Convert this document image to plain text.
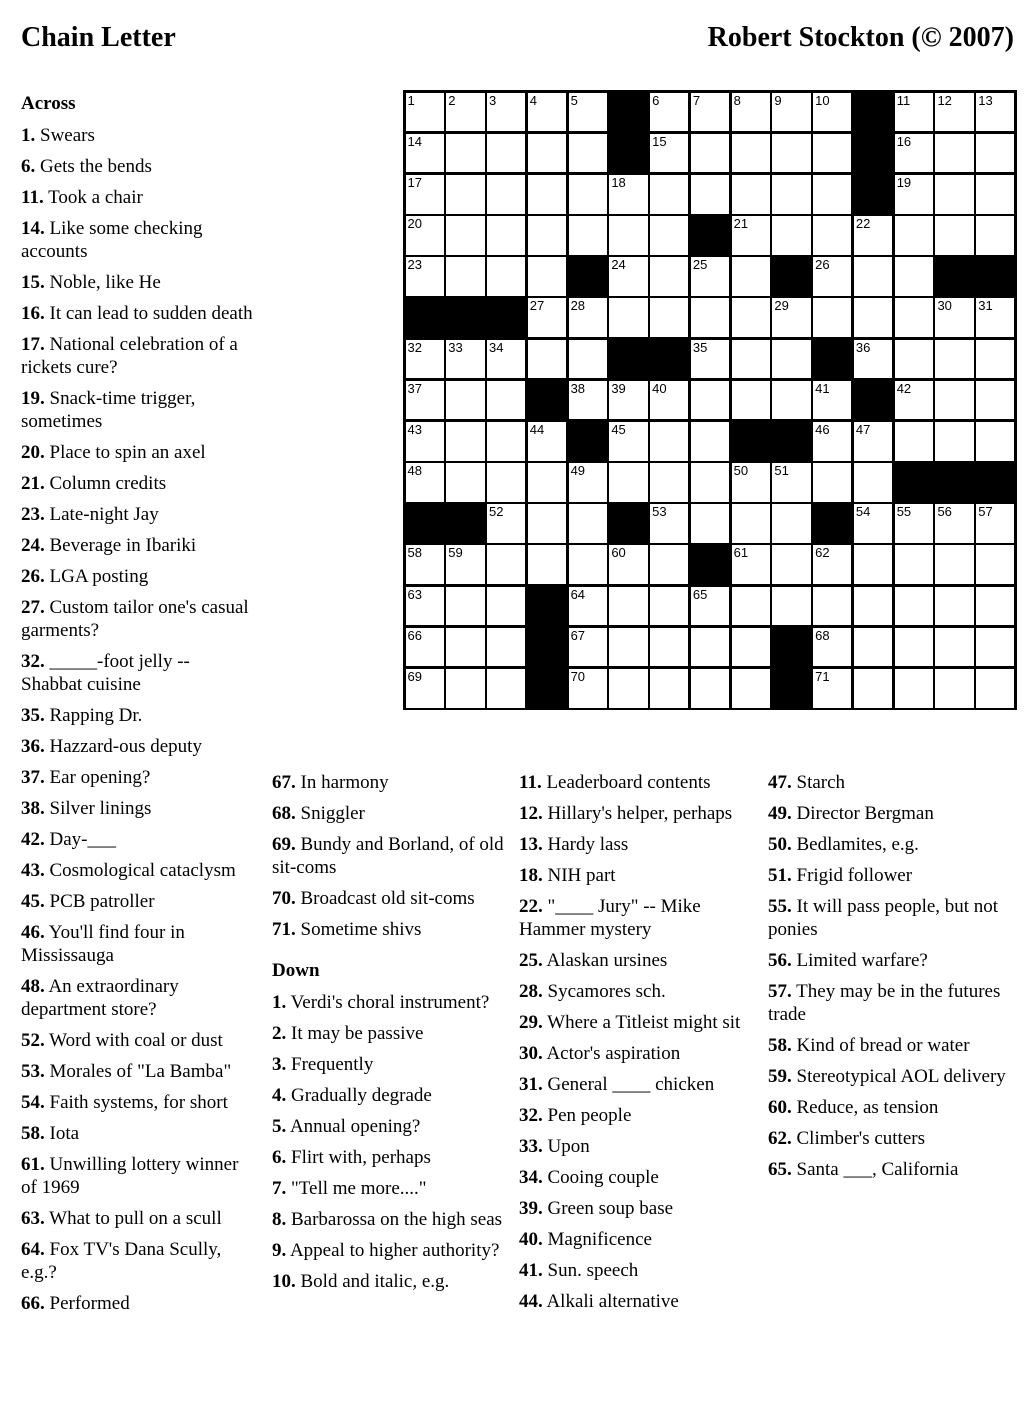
Chain Letter	Robert Stockton (© 2007)
1	2	3	4	5	6	7	8	9	10	11 12 13
14	15	16
17	18	19
20	21	22
23	24	25	26
27 28	29	30 31
32 33 34	35	36
37	38 39 40	41	42
43	44	45	46 47
48	49	50 51
52	53	54 55 56 57
58 59	60	61	62
63	64	65
66	67	68
69	70	71
Across
1. Swears
6. Gets the bends
11. Took a chair
14. Like some checking accounts
15. Noble, like He
16. It can lead to sudden death
17. National celebration of a rickets cure?
19. Snack-time trigger, sometimes
20. Place to spin an axel
21. Column credits
23. Late-night Jay
24. Beverage in Ibariki
26. LGA posting
27. Custom tailor one's casual garments?
32. _____-foot jelly -- Shabbat cuisine
35. Rapping Dr.
36. Hazzard-ous deputy
37. Ear opening?
38. Silver linings
42. Day-___
43. Cosmological cataclysm
45. PCB patroller
46. You'll find four in Mississauga
48. An extraordinary department store?
52. Word with coal or dust
53. Morales of "La Bamba"
54. Faith systems, for short
58. Iota
61. Unwilling lottery winner of 1969
63. What to pull on a scull
64. Fox TV's Dana Scully, e.g.?
66. Performed
67. In harmony
68. Sniggler
69. Bundy and Borland, of old sit-coms
70. Broadcast old sit-coms
71. Sometime shivs
Down
1. Verdi's choral instrument?
2. It may be passive
3. Frequently
4. Gradually degrade
5. Annual opening?
6. Flirt with, perhaps
7. "Tell me more...."
8. Barbarossa on the high seas
9. Appeal to higher authority?
10. Bold and italic, e.g.
11. Leaderboard contents
12. Hillary's helper, perhaps
13. Hardy lass
18. NIH part
22. "____ Jury" -- Mike Hammer mystery
25. Alaskan ursines
28. Sycamores sch.
29. Where a Titleist might sit
30. Actor's aspiration
31. General ____ chicken
32. Pen people
33. Upon
34. Cooing couple
39. Green soup base
40. Magnificence
41. Sun. speech
44. Alkali alternative
47. Starch
49. Director Bergman
50. Bedlamites, e.g.
51. Frigid follower
55. It will pass people, but not ponies
56. Limited warfare?
57. They may be in the futures trade
58. Kind of bread or water
59. Stereotypical AOL delivery
60. Reduce, as tension
62. Climber's cutters
65. Santa ___, California
